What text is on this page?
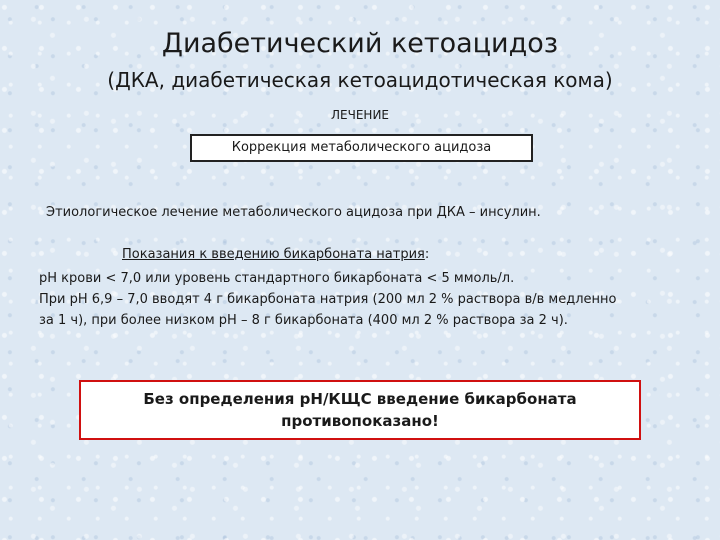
Диабетический кетоацидоз
(ДКА, диабетическая кетоацидотическая кома)
ЛЕЧЕНИЕ
Коррекция метаболического ацидоза
Этиологическое лечение метаболического ацидоза при ДКА – инсулин.
Показания к введению бикарбоната натрия:
рН крови < 7,0 или уровень стандартного бикарбоната < 5 ммоль/л.
При рН 6,9 – 7,0 вводят 4 г бикарбоната натрия (200 мл 2 % раствора в/в медленно
за 1 ч), при более низком рН – 8 г бикарбоната (400 мл 2 % раствора за 2 ч).
Без определения рН/КЩС введение бикарбоната
противопоказано!
